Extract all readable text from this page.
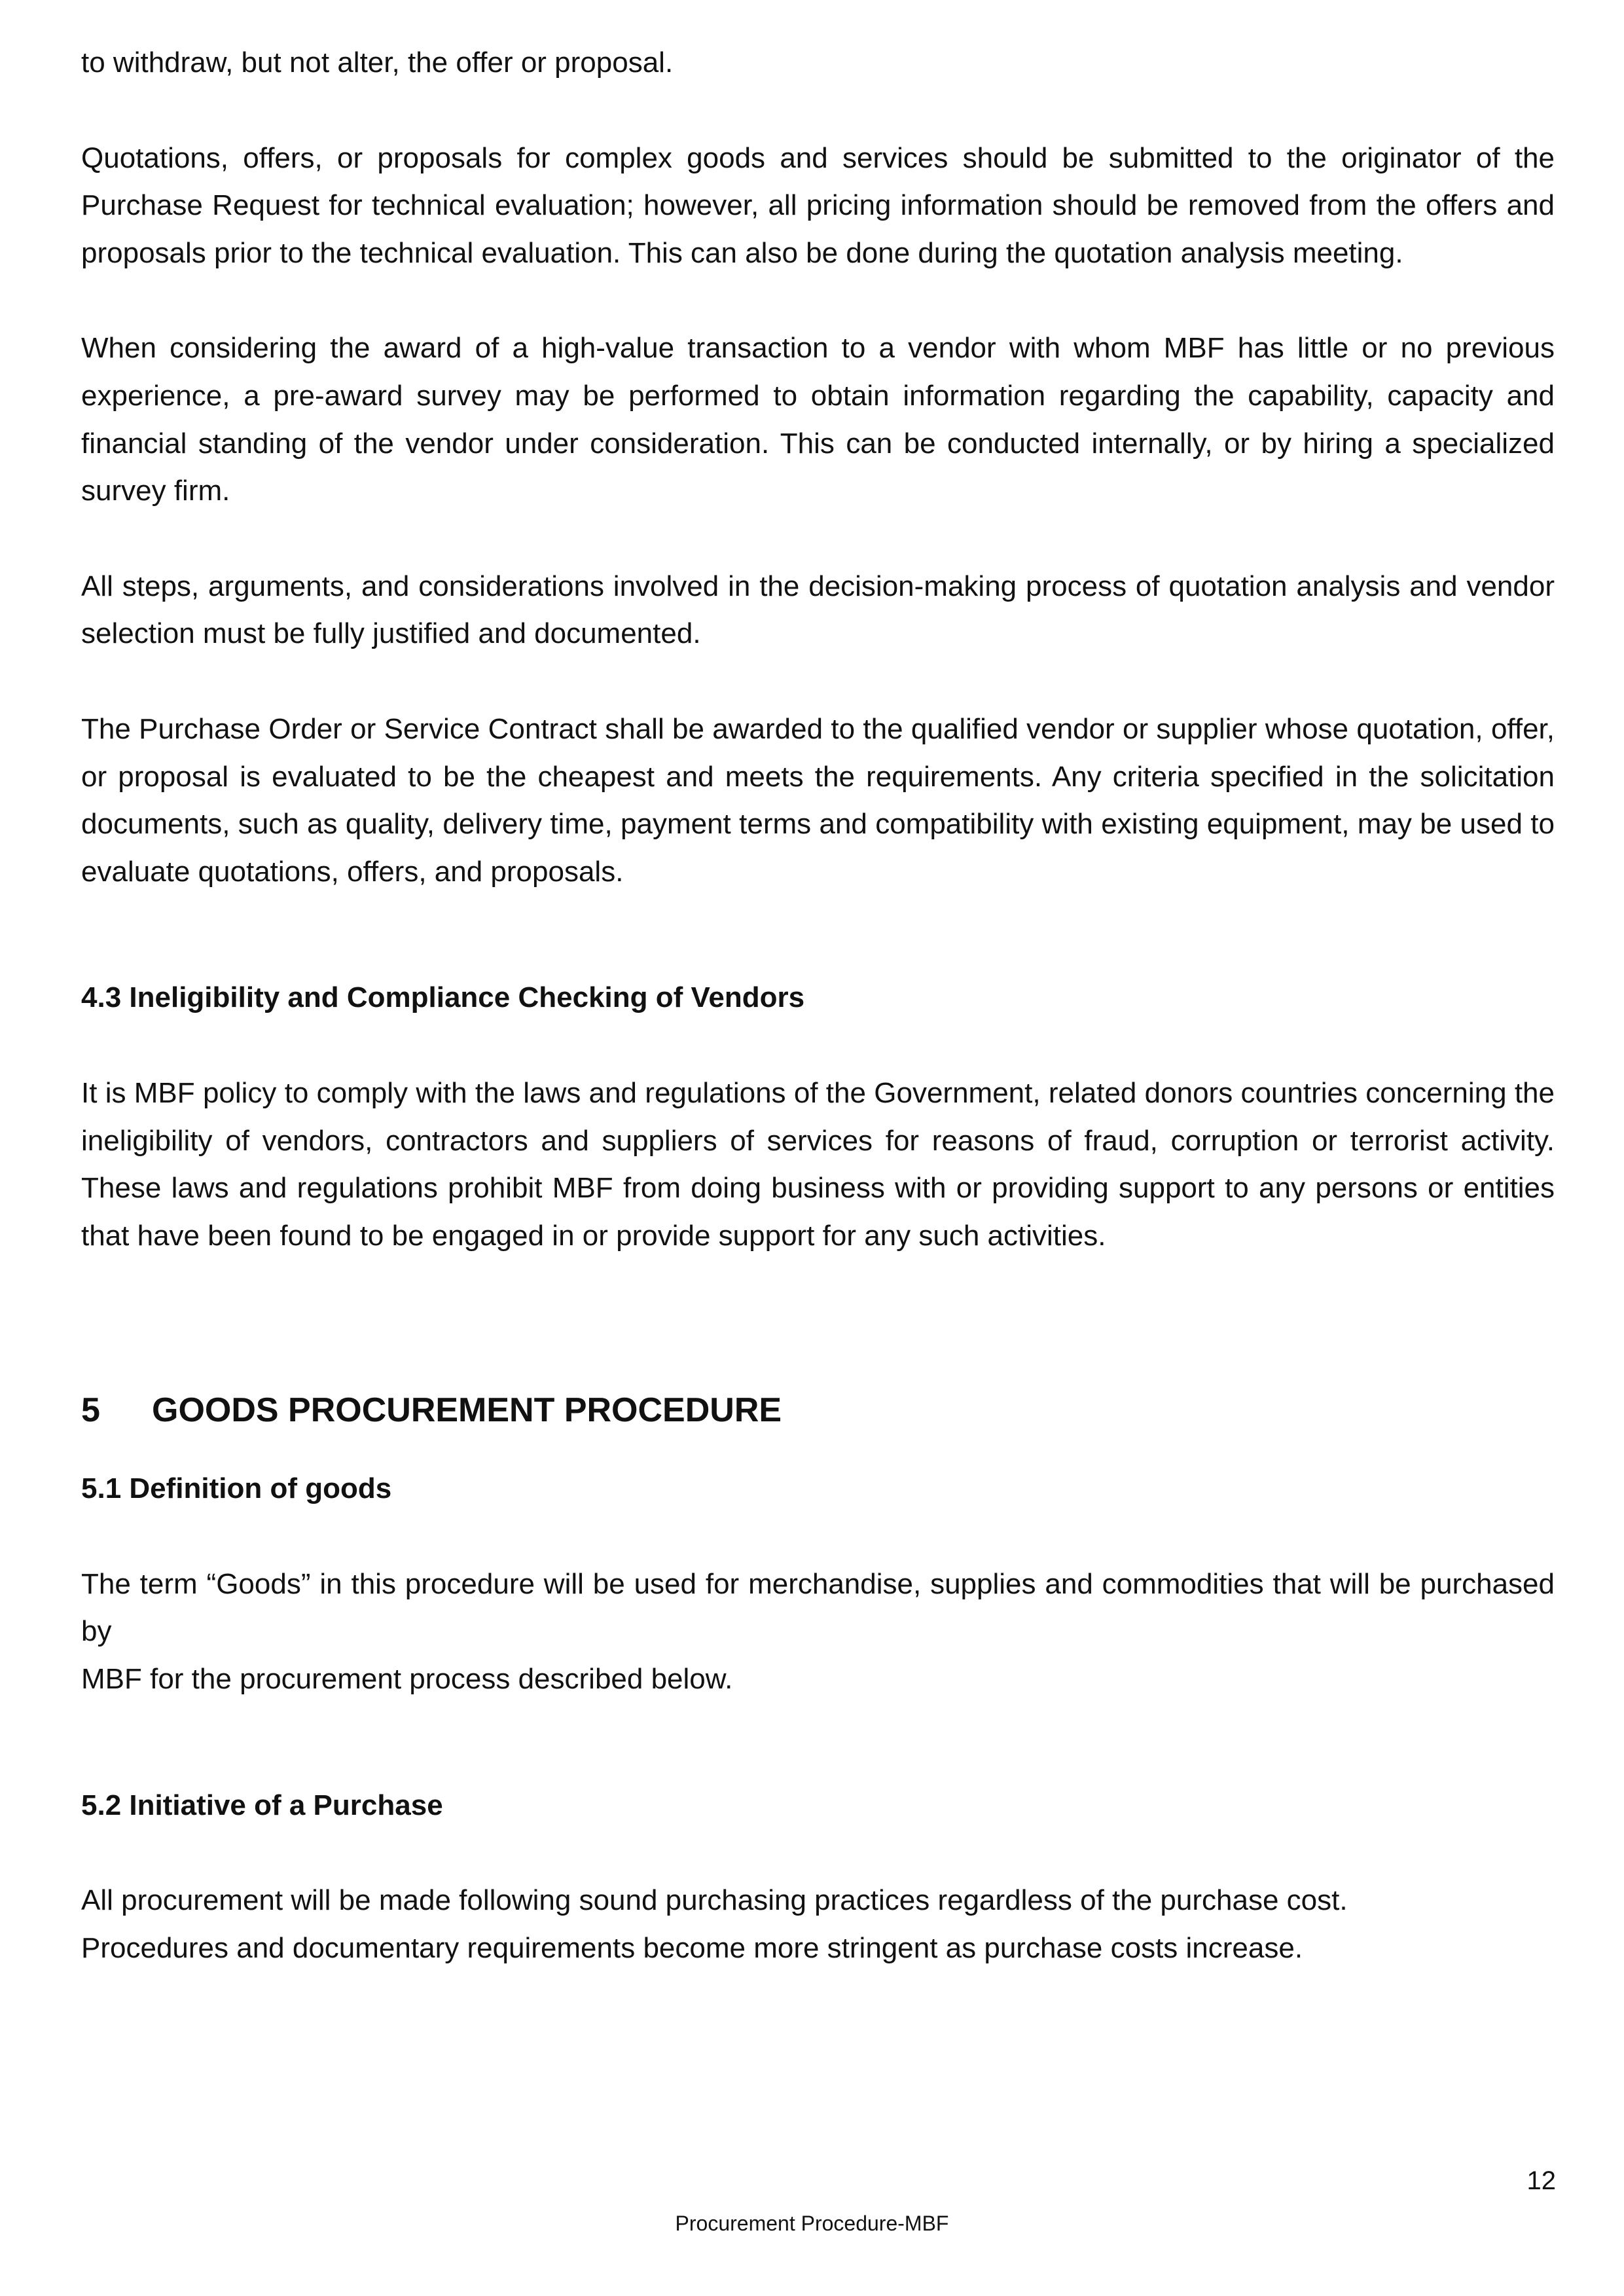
to withdraw, but not alter, the offer or proposal.

Quotations, offers, or proposals for complex goods and services should be submitted to the originator of the Purchase Request for technical evaluation; however, all pricing information should be removed from the offers and proposals prior to the technical evaluation. This can also be done during the quotation analysis meeting.

When considering the award of a high-value transaction to a vendor with whom MBF has little or no previous experience, a pre-award survey may be performed to obtain information regarding the capability, capacity and financial standing of the vendor under consideration. This can be conducted internally, or by hiring a specialized survey firm.

All steps, arguments, and considerations involved in the decision-making process of quotation analysis and vendor selection must be fully justified and documented.

The Purchase Order or Service Contract shall be awarded to the qualified vendor or supplier whose quotation, offer, or proposal is evaluated to be the cheapest and meets the requirements. Any criteria specified in the solicitation documents, such as quality, delivery time, payment terms and compatibility with existing equipment, may be used to evaluate quotations, offers, and proposals.

4.3 Ineligibility and Compliance Checking of Vendors

It is MBF policy to comply with the laws and regulations of the Government, related donors countries concerning the ineligibility of vendors, contractors and suppliers of services for reasons of fraud, corruption or terrorist activity. These laws and regulations prohibit MBF from doing business with or providing support to any persons or entities that have been found to be engaged in or provide support for any such activities.

5	GOODS PROCUREMENT PROCEDURE
5.1 Definition of goods

The term “Goods” in this procedure will be used for merchandise, supplies and commodities that will be purchased by

MBF for the procurement process described below.

5.2 Initiative of a Purchase

All procurement will be made following sound purchasing practices regardless of the purchase cost.

Procedures and documentary requirements become more stringent as purchase costs increase.

12
Procurement Procedure-MBF
